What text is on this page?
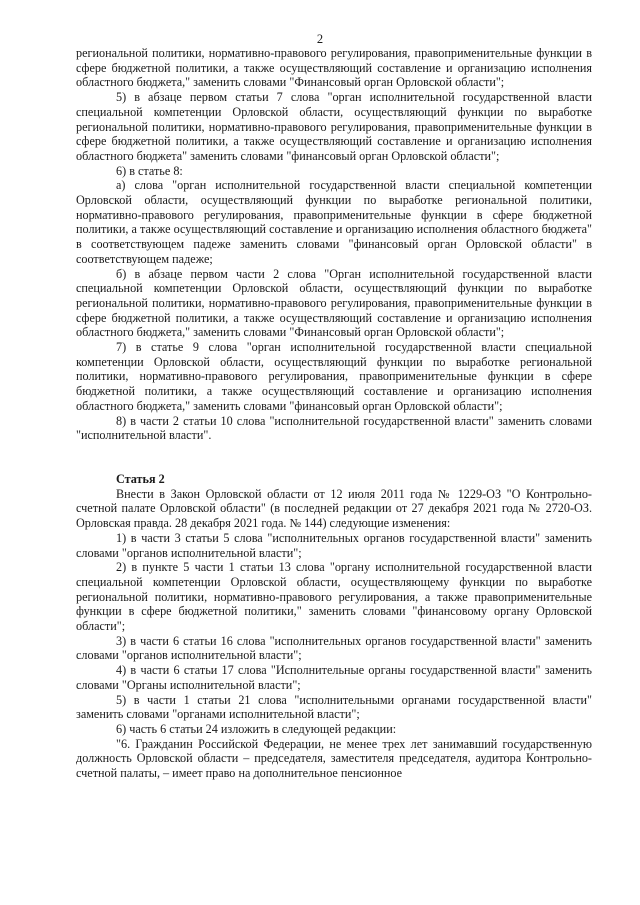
2

региональной политики, нормативно-правового регулирования, правоприменительные функции в сфере бюджетной политики, а также осуществляющий составление и организацию исполнения областного бюджета," заменить словами "Финансовый орган Орловской области";

5) в абзаце первом статьи 7 слова "орган исполнительной государственной власти специальной компетенции Орловской области, осуществляющий функции по выработке региональной политики, нормативно-правового регулирования, правоприменительные функции в сфере бюджетной политики, а также осуществляющий составление и организацию исполнения областного бюджета" заменить словами "финансовый орган Орловской области";

6) в статье 8:

а) слова "орган исполнительной государственной власти специальной компетенции Орловской области, осуществляющий функции по выработке региональной политики, нормативно-правового регулирования, правоприменительные функции в сфере бюджетной политики, а также осуществляющий составление и организацию исполнения областного бюджета" в соответствующем падеже заменить словами "финансовый орган Орловской области" в соответствующем падеже;

б) в абзаце первом части 2 слова "Орган исполнительной государственной власти специальной компетенции Орловской области, осуществляющий функции по выработке региональной политики, нормативно-правового регулирования, правоприменительные функции в сфере бюджетной политики, а также осуществляющий составление и организацию исполнения областного бюджета," заменить словами "Финансовый орган Орловской области";

7) в статье 9 слова "орган исполнительной государственной власти специальной компетенции Орловской области, осуществляющий функции по выработке региональной политики, нормативно-правового регулирования, правоприменительные функции в сфере бюджетной политики, а также осуществляющий составление и организацию исполнения областного бюджета," заменить словами "финансовый орган Орловской области";

8) в части 2 статьи 10 слова "исполнительной государственной власти" заменить словами "исполнительной власти".

Статья 2

Внести в Закон Орловской области от 12 июля 2011 года № 1229-ОЗ "О Контрольно-счетной палате Орловской области" (в последней редакции от 27 декабря 2021 года № 2720-ОЗ. Орловская правда. 28 декабря 2021 года. № 144) следующие изменения:

1) в части 3 статьи 5 слова "исполнительных органов государственной власти" заменить словами "органов исполнительной власти";

2) в пункте 5 части 1 статьи 13 слова "органу исполнительной государственной власти специальной компетенции Орловской области, осуществляющему функции по выработке региональной политики, нормативно-правового регулирования, а также правоприменительные функции в сфере бюджетной политики," заменить словами "финансовому органу Орловской области";

3) в части 6 статьи 16 слова "исполнительных органов государственной власти" заменить словами "органов исполнительной власти";

4) в части 6 статьи 17 слова "Исполнительные органы государственной власти" заменить словами "Органы исполнительной власти";

5) в части 1 статьи 21 слова "исполнительными органами государственной власти" заменить словами "органами исполнительной власти";

6) часть 6 статьи 24 изложить в следующей редакции:

"6. Гражданин Российской Федерации, не менее трех лет занимавший государственную должность Орловской области – председателя, заместителя председателя, аудитора Контрольно-счетной палаты, – имеет право на дополнительное пенсионное
